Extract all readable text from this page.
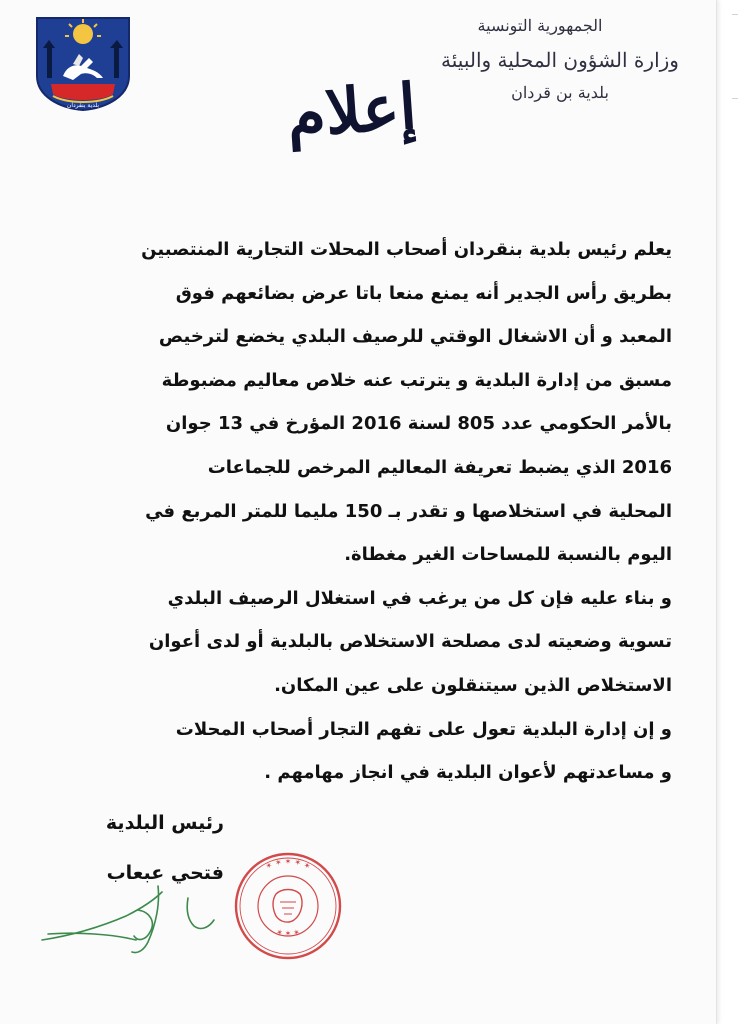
بلدية بنقردان
الجمهورية التونسية
وزارة الشؤون المحلية والبيئة
بلدية بن قردان
إعلام
يعلم رئيس بلدية بنقردان أصحاب المحلات التجارية المنتصبين
بطريق رأس الجدير أنه يمنع منعا باتا عرض بضائعهم فوق
المعبد و أن الاشغال الوقتي للرصيف البلدي يخضع لترخيص
مسبق من إدارة البلدية و يترتب عنه خلاص معاليم مضبوطة
بالأمر الحكومي عدد 805 لسنة 2016 المؤرخ في 13 جوان
2016 الذي يضبط تعريفة المعاليم المرخص للجماعات
المحلية في استخلاصها و تقدر بـ 150 مليما للمتر المربع في
اليوم بالنسبة للمساحات الغير مغطاة.
و بناء عليه فإن كل من يرغب في استغلال الرصيف البلدي
تسوية وضعيته لدى مصلحة الاستخلاص بالبلدية أو لدى أعوان
الاستخلاص الذين سيتنقلون على عين المكان.
و إن إدارة البلدية تعول على تفهم التجار أصحاب المحلات
و مساعدتهم لأعوان البلدية في انجاز مهامهم .
رئيس البلدية
فتحي عبعاب	✶ ✶ ✶ ✶ ✶
✶ ✶ ✶
